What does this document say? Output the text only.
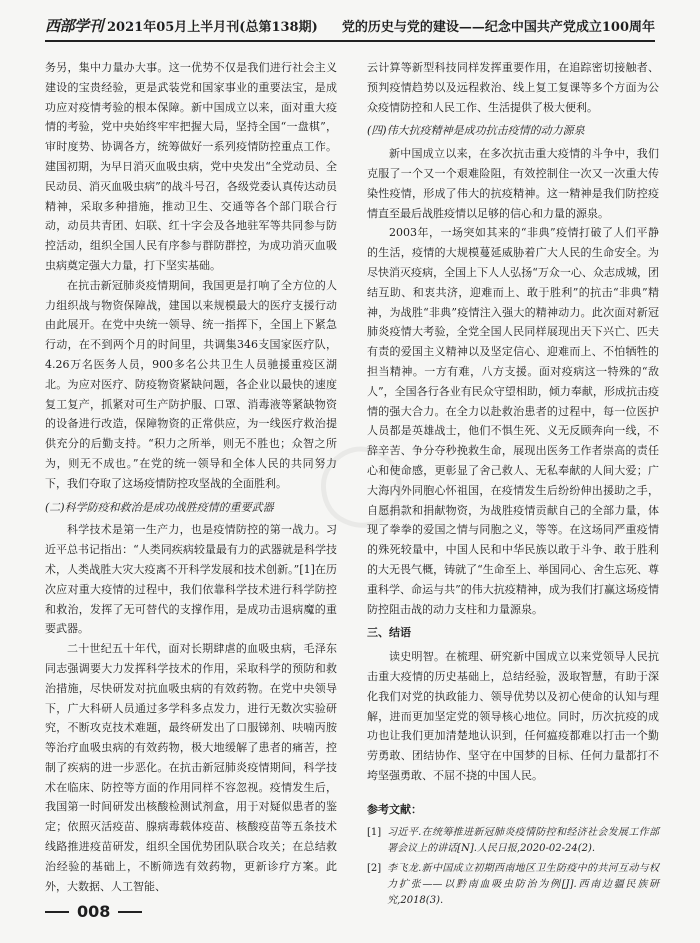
西部学刊 2021年05月上半月刊(总第138期) 党的历史与党的建设——纪念中国共产党成立100周年

务另，集中力量办大事。这一优势不仅是我们进行社会主义建设的宝贵经验，更是武装党和国家事业的重要法宝，是成功应对疫情考验的根本保障。新中国成立以来，面对重大疫情的考验，党中央始终牢牢把握大局，坚持全国“一盘棋”，审时度势、协调各方，统筹做好一系列疫情防控重点工作。建国初期，为早日消灭血吸虫病，党中央发出“全党动员、全民动员、消灭血吸虫病”的战斗号召，各级党委认真传达动员精神，采取多种措施，推动卫生、交通等各个部门联合行动，动员共青团、妇联、红十字会及各地驻军等共同参与防控活动，组织全国人民有序参与群防群控，为成功消灭血吸虫病奠定强大力量，打下坚实基础。

在抗击新冠肺炎疫情期间，我国更是打响了全方位的人力组织战与物资保障战，建国以来规模最大的医疗支援行动由此展开。在党中央统一领导、统一指挥下，全国上下紧急行动，在不到两个月的时间里，共调集346支国家医疗队，4.26万名医务人员，900多名公共卫生人员驰援重疫区湖北。为应对医疗、防疫物资紧缺问题，各企业以最快的速度复工复产，抓紧对可生产防护服、口罩、消毒液等紧缺物资的设备进行改造，保障物资的正常供应，为一线医疗救治提供充分的后勤支持。“积力之所举，则无不胜也；众智之所为，则无不成也。”在党的统一领导和全体人民的共同努力下，我们夺取了这场疫情防控攻坚战的全面胜利。

(二)科学防疫和救治是成功战胜疫情的重要武器

科学技术是第一生产力，也是疫情防控的第一战力。习近平总书记指出：“人类同疾病较量最有力的武器就是科学技术，人类战胜大灾大疫离不开科学发展和技术创新。”[1]在历次应对重大疫情的过程中，我们依靠科学技术进行科学防控和救治，发挥了无可替代的支撑作用，是成功击退病魔的重要武器。

二十世纪五十年代，面对长期肆虐的血吸虫病，毛泽东同志强调要大力发挥科学技术的作用，采取科学的预防和救治措施，尽快研发对抗血吸虫病的有效药物。在党中央领导下，广大科研人员通过多学科多点发力，进行无数次实验研究，不断攻克技术难题，最终研发出了口服锑剂、呋喃丙胺等治疗血吸虫病的有效药物，极大地缓解了患者的痛苦，控制了疾病的进一步恶化。在抗击新冠肺炎疫情期间，科学技术在临床、防控等方面的作用同样不容忽视。疫情发生后，我国第一时间研发出核酸检测试剂盒，用于对疑似患者的鉴定；依照灭活疫苗、腺病毒载体疫苗、核酸疫苗等五条技术线路推进疫苗研发，组织全国优势团队联合攻关；在总结救治经验的基础上，不断筛选有效药物，更新诊疗方案。此外，大数据、人工智能、

云计算等新型科技同样发挥重要作用，在追踪密切接触者、预判疫情趋势以及远程救治、线上复工复课等多个方面为公众疫情防控和人民工作、生活提供了极大便利。

(四)伟大抗疫精神是成功抗击疫情的动力源泉

新中国成立以来，在多次抗击重大疫情的斗争中，我们克服了一个又一个艰难险阻，有效控制住一次又一次重大传染性疫情，形成了伟大的抗疫精神。这一精神是我们防控疫情直至最后战胜疫情以足够的信心和力量的源泉。

2003年，一场突如其来的“非典”疫情打破了人们平静的生活，疫情的大规模蔓延威胁着广大人民的生命安全。为尽快消灭疫病，全国上下人人弘扬“万众一心、众志成城，团结互助、和衷共济，迎难而上、敢于胜利”的抗击“非典”精神，为战胜“非典”疫情注入强大的精神动力。此次面对新冠肺炎疫情大考验，全党全国人民同样展现出天下兴亡、匹夫有责的爱国主义精神以及坚定信心、迎难而上、不怕牺牲的担当精神。一方有难，八方支援。面对疫病这一特殊的“敌人”，全国各行各业有民众守望相助，倾力奉献，形成抗击疫情的强大合力。在全力以赴救治患者的过程中，每一位医护人员都是英雄战士，他们不惧生死、义无反顾奔向一线，不辞辛苦、争分夺秒挽救生命，展现出医务工作者崇高的责任心和使命感，更彰显了舍己救人、无私奉献的人间大爱；广大海内外同胞心怀祖国，在疫情发生后纷纷伸出援助之手，自愿捐款和捐献物资，为战胜疫情贡献自己的全部力量，体现了拳拳的爱国之情与同胞之义，等等。在这场同严重疫情的殊死较量中，中国人民和中华民族以敢于斗争、敢于胜利的大无畏气概，铸就了“生命至上、举国同心、舍生忘死、尊重科学、命运与共”的伟大抗疫精神，成为我们打赢这场疫情防控阻击战的动力支柱和力量源泉。

三、结语

读史明智。在梳理、研究新中国成立以来党领导人民抗击重大疫情的历史基础上，总结经验，汲取智慧，有助于深化我们对党的执政能力、领导优势以及初心使命的认知与理解，进而更加坚定党的领导核心地位。同时，历次抗疫的成功也让我们更加清楚地认识到，任何瘟疫都难以打击一个勤劳勇敢、团结协作、坚守在中国梦的目标、任何力量都打不垮坚强勇敢、不屈不挠的中国人民。

参考文献：
[1] 习近平.在统筹推进新冠肺炎疫情防控和经济社会发展工作部署会议上的讲话[N].人民日报,2020-02-24(2).
[2] 李飞龙.新中国成立初期西南地区卫生防疫中的共河互动与权力扩张——以黔南血吸虫防治为例[J].西南边疆民族研究,2018(3).
◯
008
